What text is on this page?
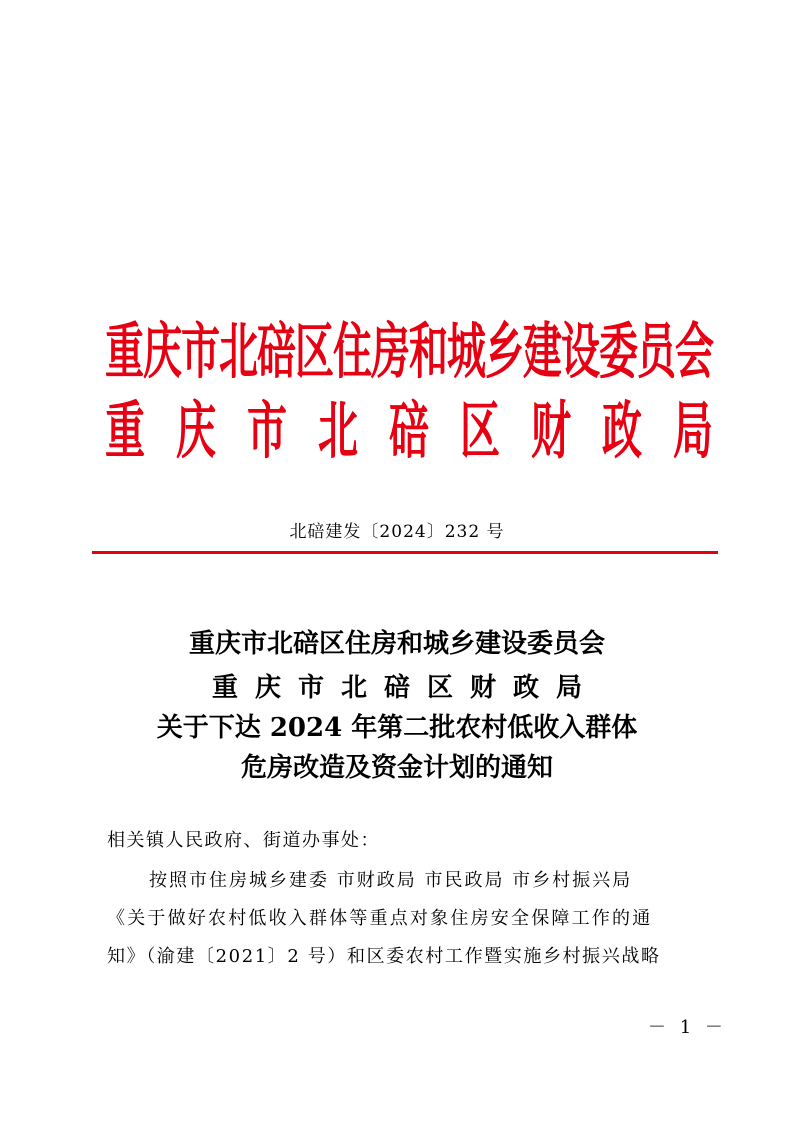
重庆市北碚区住房和城乡建设委员会
重庆市北碚区财政局
北碚建发〔2024〕232 号
重庆市北碚区住房和城乡建设委员会
重庆市北碚区财政局
关于下达 2024 年第二批农村低收入群体
危房改造及资金计划的通知
相关镇人民政府、街道办事处：
按照市住房城乡建委 市财政局 市民政局 市乡村振兴局
《关于做好农村低收入群体等重点对象住房安全保障工作的通
知》（渝建〔2021〕2 号）和区委农村工作暨实施乡村振兴战略
－ 1 －
